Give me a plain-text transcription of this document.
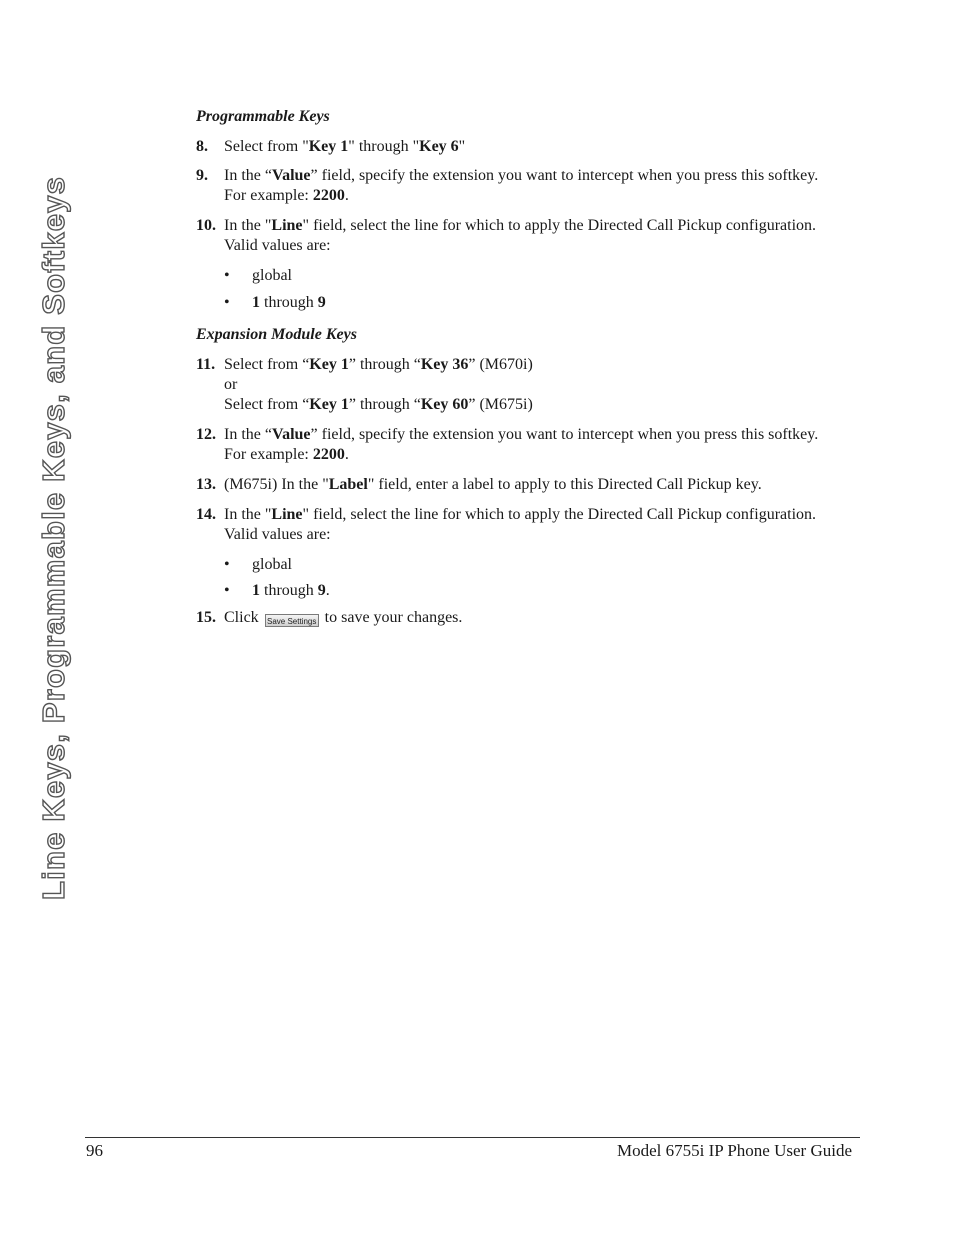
Line Keys, Programmable Keys, and Softkeys
Programmable Keys
8. Select from "Key 1" through "Key 6"
9. In the “Value” field, specify the extension you want to intercept when you press this softkey.
For example: 2200.
10. In the "Line" field, select the line for which to apply the Directed Call Pickup configuration.
Valid values are:
• global
• 1 through 9
Expansion Module Keys
11. Select from “Key 1” through “Key 36” (M670i)
or
Select from “Key 1” through “Key 60” (M675i)
12. In the “Value” field, specify the extension you want to intercept when you press this softkey.
For example: 2200.
13. (M675i) In the "Label" field, enter a label to apply to this Directed Call Pickup key.
14. In the "Line" field, select the line for which to apply the Directed Call Pickup configuration.
Valid values are:
• global
• 1 through 9.
15. Click Save Settings to save your changes.
96	Model 6755i IP Phone User Guide
